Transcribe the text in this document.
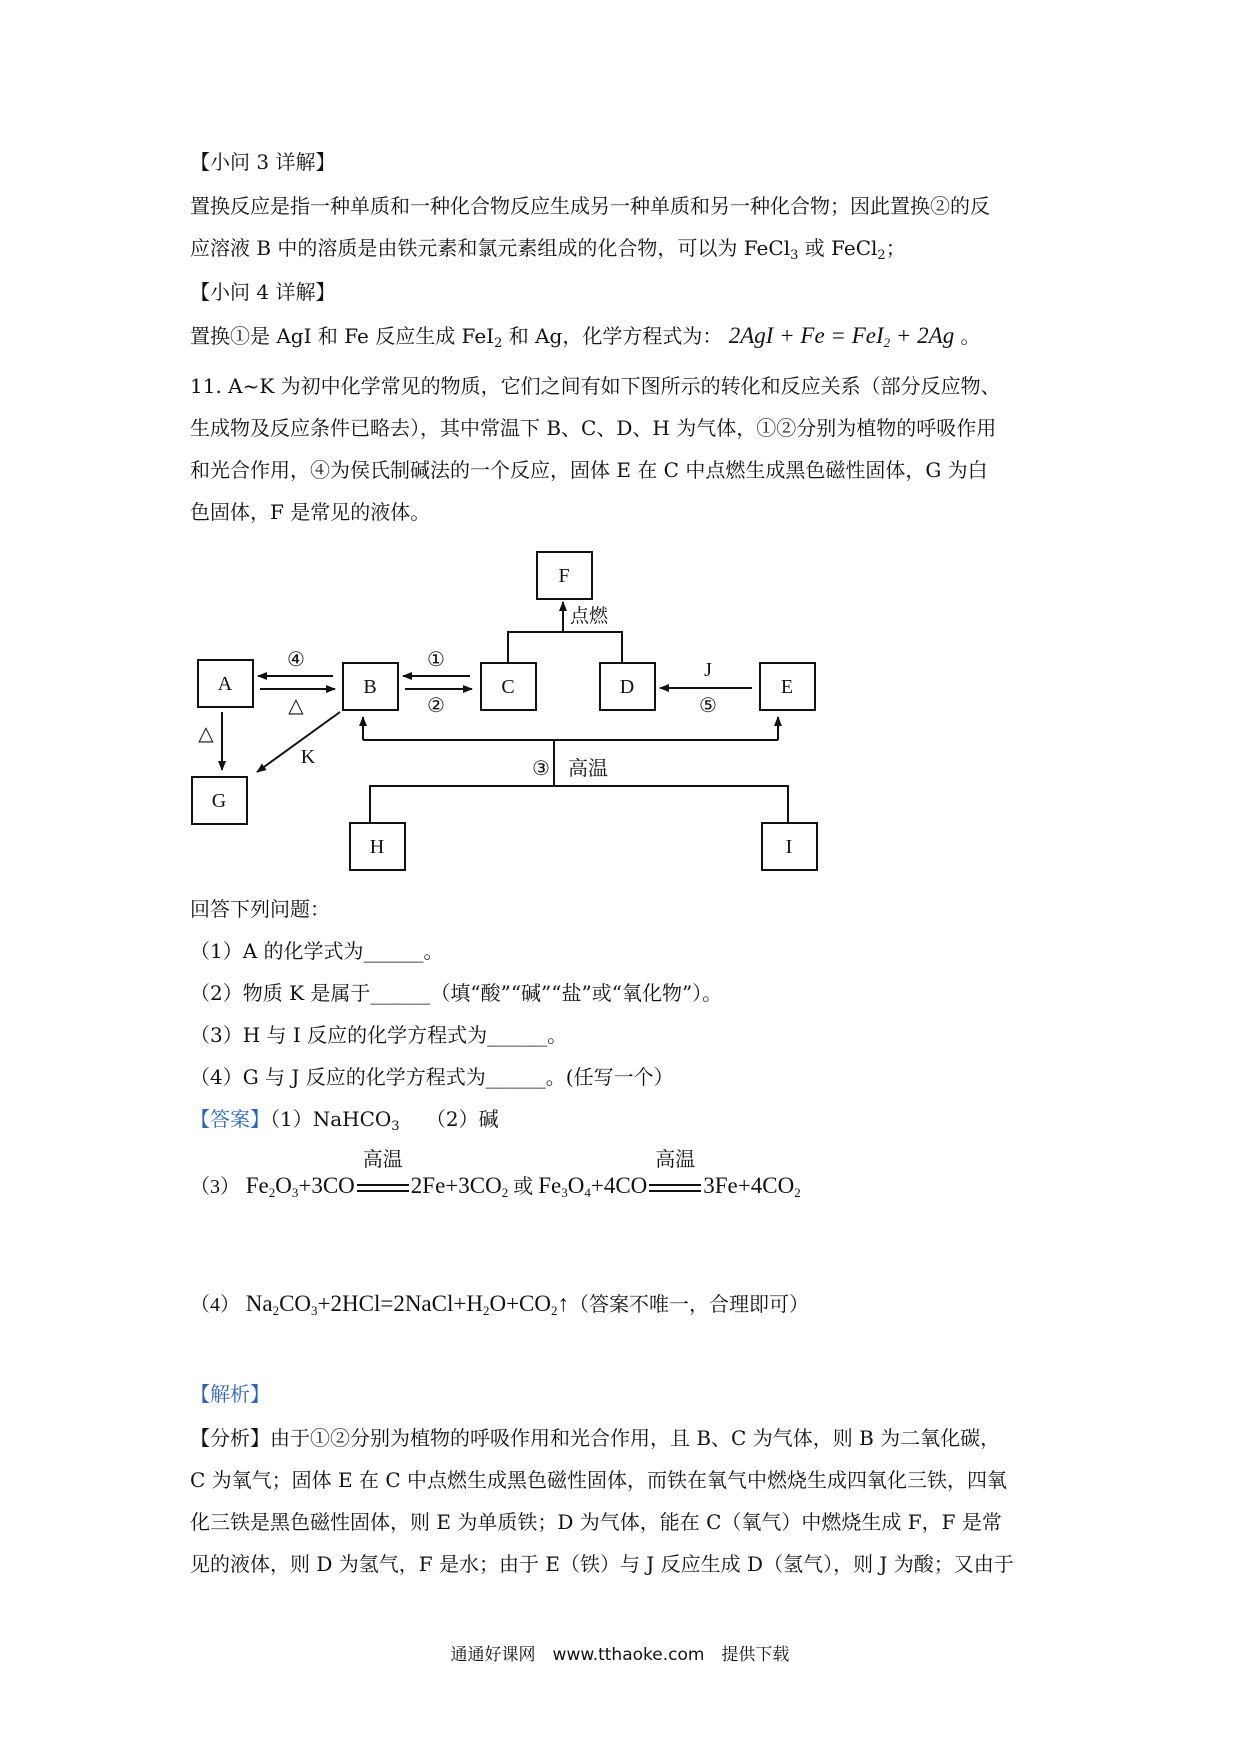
【小问 3 详解】
置换反应是指一种单质和一种化合物反应生成另一种单质和另一种化合物；因此置换②的反
应溶液 B 中的溶质是由铁元素和氯元素组成的化合物，可以为 FeCl$_3$ 或 FeCl$_2$；
【小问 4 详解】
置换①是 AgI 和 Fe 反应生成 FeI$_2$ 和 Ag，化学方程式为： 2AgI + Fe = FeI$_2$ + 2Ag 。
11. A~K 为初中化学常见的物质，它们之间有如下图所示的转化和反应关系（部分反应物、
生成物及反应条件已略去），其中常温下 B、C、D、H 为气体，①②分别为植物的呼吸作用
和光合作用，④为侯氏制碱法的一个反应，固体 E 在 C 中点燃生成黑色磁性固体，G 为白
色固体，F 是常见的液体。
F
A	B	C	D	E
G
H	I
点燃
④
△
①
②
J
⑤
△
K
③ 高温
回答下列问题：
（1）A 的化学式为______。
（2）物质 K 是属于______（填“酸”“碱”“盐”或“氧化物”）。
（3）H 与 I 反应的化学方程式为______。
（4）G 与 J 反应的化学方程式为______。(任写一个）
【答案】（1）NaHCO$_3$　 （2）碱
（3） $Fe_2O_3+3CO$
高温
$2Fe+3CO_2$ 或 $Fe_3O_4+4CO$
高温
$3Fe+4CO_2$
（4） $Na_2CO_3+2HCl=2NaCl+H_2O+CO_2↑$（答案不唯一，合理即可）
【解析】
【分析】由于①②分别为植物的呼吸作用和光合作用，且 B、C 为气体，则 B 为二氧化碳，
C 为氧气；固体 E 在 C 中点燃生成黑色磁性固体，而铁在氧气中燃烧生成四氧化三铁，四氧
化三铁是黑色磁性固体，则 E 为单质铁；D 为气体，能在 C（氧气）中燃烧生成 F，F 是常
见的液体，则 D 为氢气，F 是水；由于 E（铁）与 J 反应生成 D（氢气），则 J 为酸；又由于
通通好课网　www.tthaoke.com　提供下载
